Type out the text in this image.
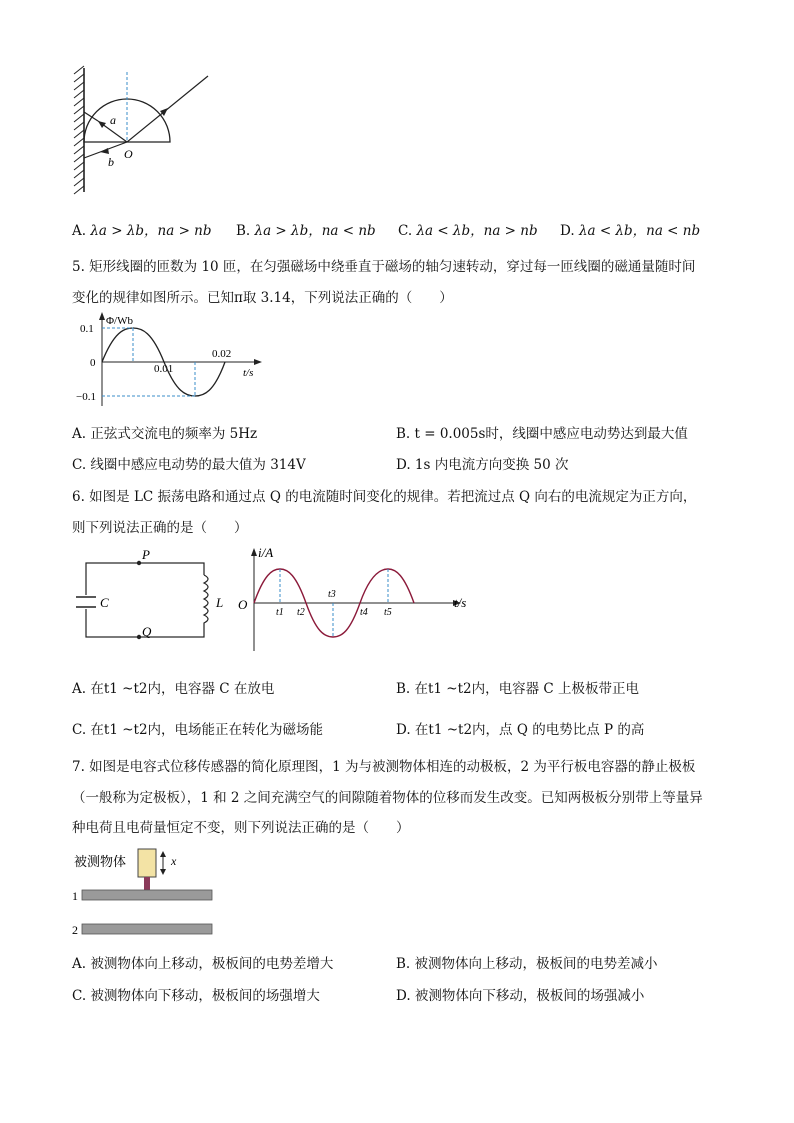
a
b
O
A. λa > λb，na > nb B. λa > λb，na < nb C. λa < λb，na > nb D. λa < λb，na < nb
5. 矩形线圈的匝数为 10 匝，在匀强磁场中绕垂直于磁场的轴匀速转动，穿过每一匝线圈的磁通量随时间
变化的规律如图所示。已知π取 3.14，下列说法正确的（　　）
Φ/Wb
t/s
0.1
0
−0.1
0.01
0.02
A. 正弦式交流电的频率为 5Hz	B. t = 0.005s时，线圈中感应电动势达到最大值
C. 线圈中感应电动势的最大值为 314V	D. 1s 内电流方向变换 50 次
6. 如图是 LC 振荡电路和通过点 Q 的电流随时间变化的规律。若把流过点 Q 向右的电流规定为正方向，
则下列说法正确的是（　　）
P
Q
C	L
i/A
t/s
O
t1 t2
t3
t4 t5
A. 在t1 ~t2内，电容器 C 在放电	B. 在t1 ~t2内，电容器 C 上极板带正电
C. 在t1 ~t2内，电场能正在转化为磁场能	D. 在t1 ~t2内，点 Q 的电势比点 P 的高
7. 如图是电容式位移传感器的简化原理图，1 为与被测物体相连的动极板，2 为平行板电容器的静止极板
（一般称为定极板），1 和 2 之间充满空气的间隙随着物体的位移而发生改变。已知两极板分别带上等量异
种电荷且电荷量恒定不变，则下列说法正确的是（　　）
被测物体	x
1
2
A. 被测物体向上移动，极板间的电势差增大	B. 被测物体向上移动，极板间的电势差减小
C. 被测物体向下移动，极板间的场强增大	D. 被测物体向下移动，极板间的场强减小
